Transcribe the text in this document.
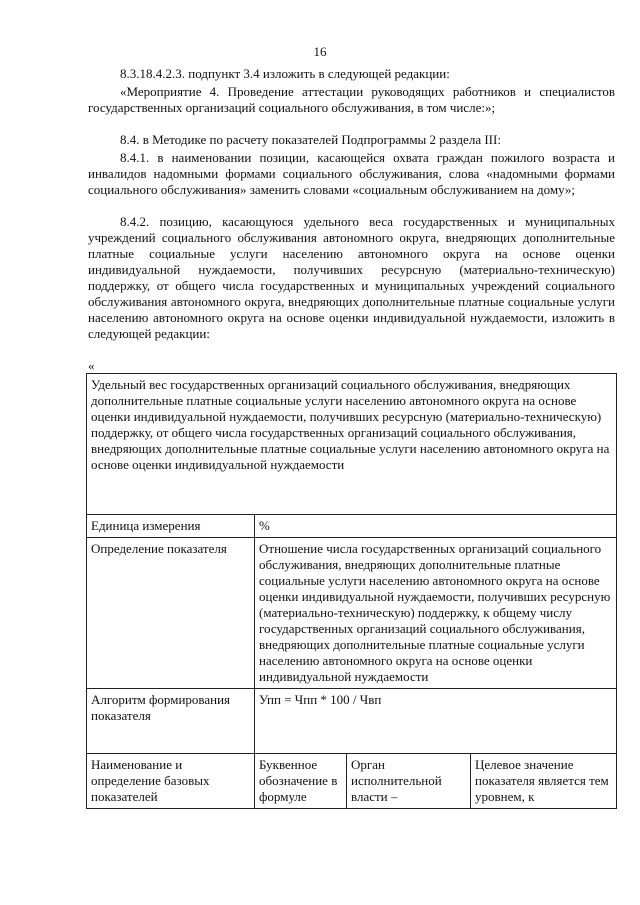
16

8.3.18.4.2.3. подпункт 3.4 изложить в следующей редакции:

«Мероприятие 4. Проведение аттестации руководящих работников и специалистов государственных организаций социального обслуживания, в том числе:»;

8.4. в Методике по расчету показателей Подпрограммы 2 раздела III:

8.4.1. в наименовании позиции, касающейся охвата граждан пожилого возраста и инвалидов надомными формами социального обслуживания, слова «надомными формами социального обслуживания» заменить словами «социальным обслуживанием на дому»;

8.4.2. позицию, касающуюся удельного веса государственных и муниципальных учреждений социального обслуживания автономного округа, внедряющих дополнительные платные социальные услуги населению автономного округа на основе оценки индивидуальной нуждаемости, получивших ресурсную (материально-техническую) поддержку, от общего числа государственных и муниципальных учреждений социального обслуживания автономного округа, внедряющих дополнительные платные социальные услуги населению автономного округа на основе оценки индивидуальной нуждаемости, изложить в следующей редакции:

«
Удельный вес государственных организаций социального обслуживания, внедряющих дополнительные платные социальные услуги населению автономного округа на основе оценки индивидуальной нуждаемости, получивших ресурсную (материально-техническую) поддержку, от общего числа государственных организаций социального обслуживания, внедряющих дополнительные платные социальные услуги населению автономного округа на основе оценки индивидуальной нуждаемости			
Единица измерения	%		
Определение показателя	Отношение числа государственных организаций социального обслуживания, внедряющих дополнительные платные социальные услуги населению автономного округа на основе оценки индивидуальной нуждаемости, получивших ресурсную (материально-техническую) поддержку, к общему числу государственных организаций социального обслуживания, внедряющих дополнительные платные социальные услуги населению автономного округа на основе оценки индивидуальной нуждаемости		
Алгоритм формирования показателя	Упп = Чпп * 100 / Чвп		
Наименование и определение базовых показателей	Буквенное обозначение в формуле	Орган исполнительной власти –	Целевое значение показателя является тем уровнем, к
